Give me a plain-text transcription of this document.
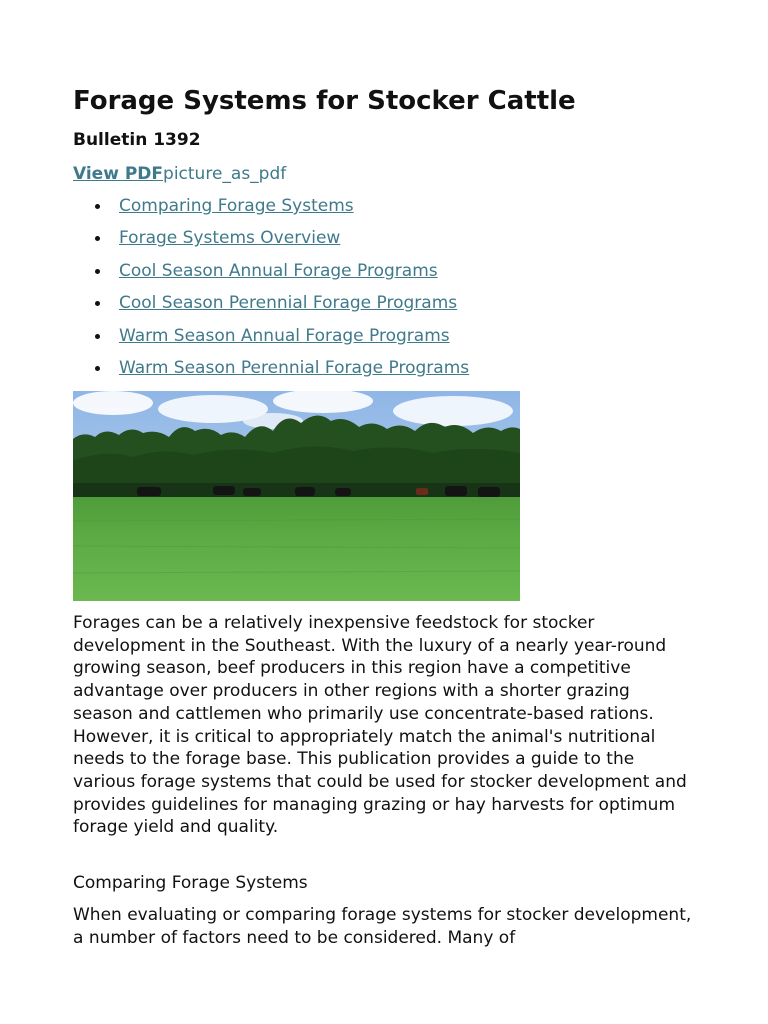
Forage Systems for Stocker Cattle
Bulletin 1392
View PDFpicture_as_pdf
Comparing Forage Systems
Forage Systems Overview
Cool Season Annual Forage Programs
Cool Season Perennial Forage Programs
Warm Season Annual Forage Programs
Warm Season Perennial Forage Programs

Forages can be a relatively inexpensive feedstock for stocker development in the Southeast. With the luxury of a nearly year-round growing season, beef producers in this region have a competitive advantage over producers in other regions with a shorter grazing season and cattlemen who primarily use concentrate-based rations. However, it is critical to appropriately match the animal's nutritional needs to the forage base. This publication provides a guide to the various forage systems that could be used for stocker development and provides guidelines for managing grazing or hay harvests for optimum forage yield and quality.

Comparing Forage Systems

When evaluating or comparing forage systems for stocker development, a number of factors need to be considered. Many of
